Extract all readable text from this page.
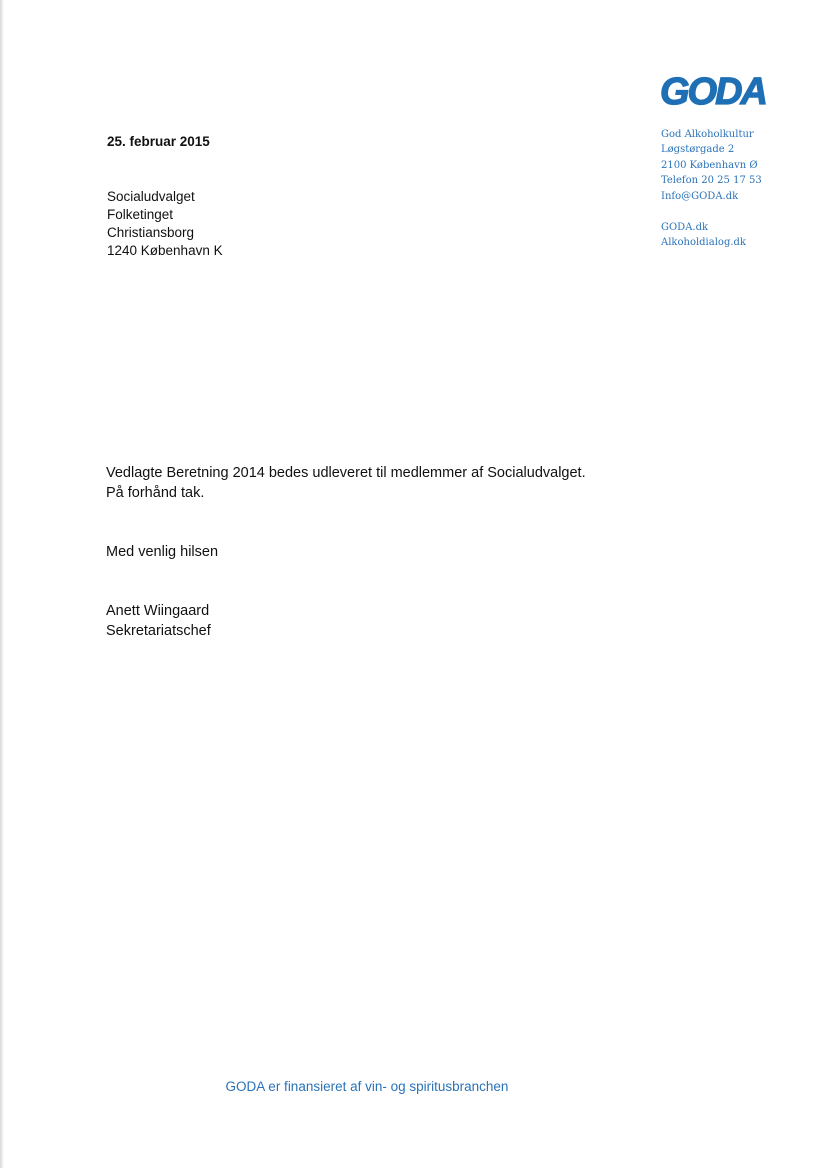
GODA
God Alkoholkultur
Løgstørgade 2
2100 København Ø
Telefon 20 25 17 53
Info@GODA.dk
GODA.dk
Alkoholdialog.dk
25. februar 2015
Socialudvalget
Folketinget
Christiansborg
1240 København K
Vedlagte Beretning 2014 bedes udleveret til medlemmer af Socialudvalget.
På forhånd tak.
Med venlig hilsen
Anett Wiingaard
Sekretariatschef
GODA er finansieret af vin- og spiritusbranchen
